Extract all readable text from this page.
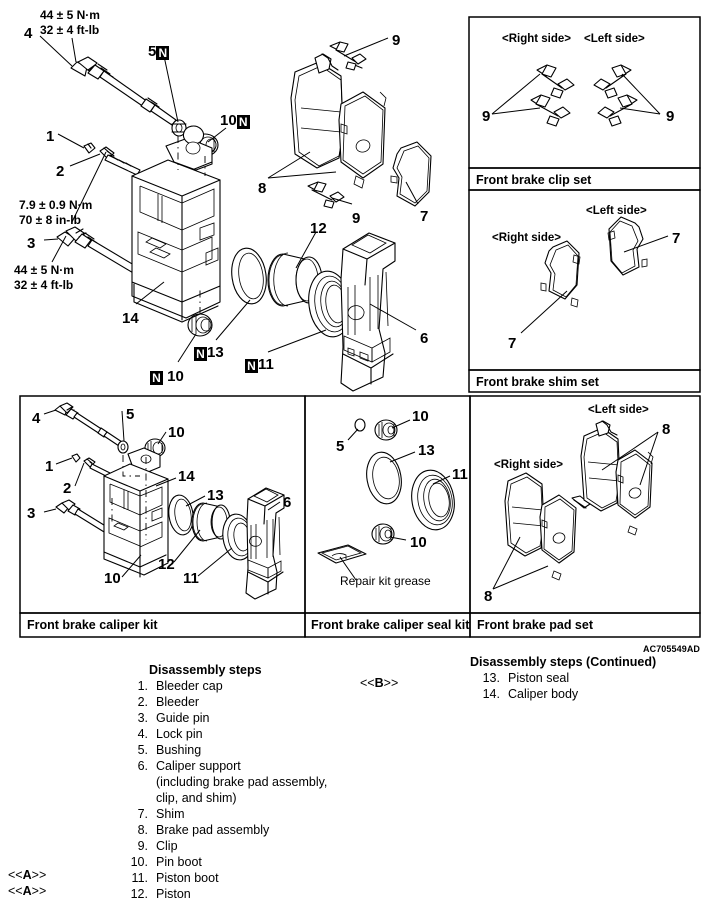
44 ± 5 N·m
32 ± 4 ft-lb
7.9 ± 0.9 N·m
70 ± 8 in-lb
44 ± 5 N·m
32 ± 4 ft-lb
4
5 N
10 N
1
2
3
14
N 10
N 13
N 11
12
6
8
9
9	7
<Right side> <Left side>
9	9
Front brake clip set
<Right side>
<Left side>
7
7
Front brake shim set
4	5
10
1
2
14
3
13	6
12
11
10
Front brake caliper kit
5
10
13
11
10
Repair kit grease
Front brake caliper seal kit
<Right side>
<Left side>
8
8
Front brake pad set
AC705549AD
Disassembly steps
1.	Bleeder cap
2.	Bleeder
3.	Guide pin
4.	Lock pin
5.	Bushing
6.	Caliper support
	(including brake pad assembly,
	clip, and shim)
7.	Shim
8.	Brake pad assembly
9.	Clip
10.	Pin boot
11.	Piston boot
12.	Piston
Disassembly steps (Continued)
13.	Piston seal
14.	Caliper body
<<A>>
<<A>>
<<B>>
